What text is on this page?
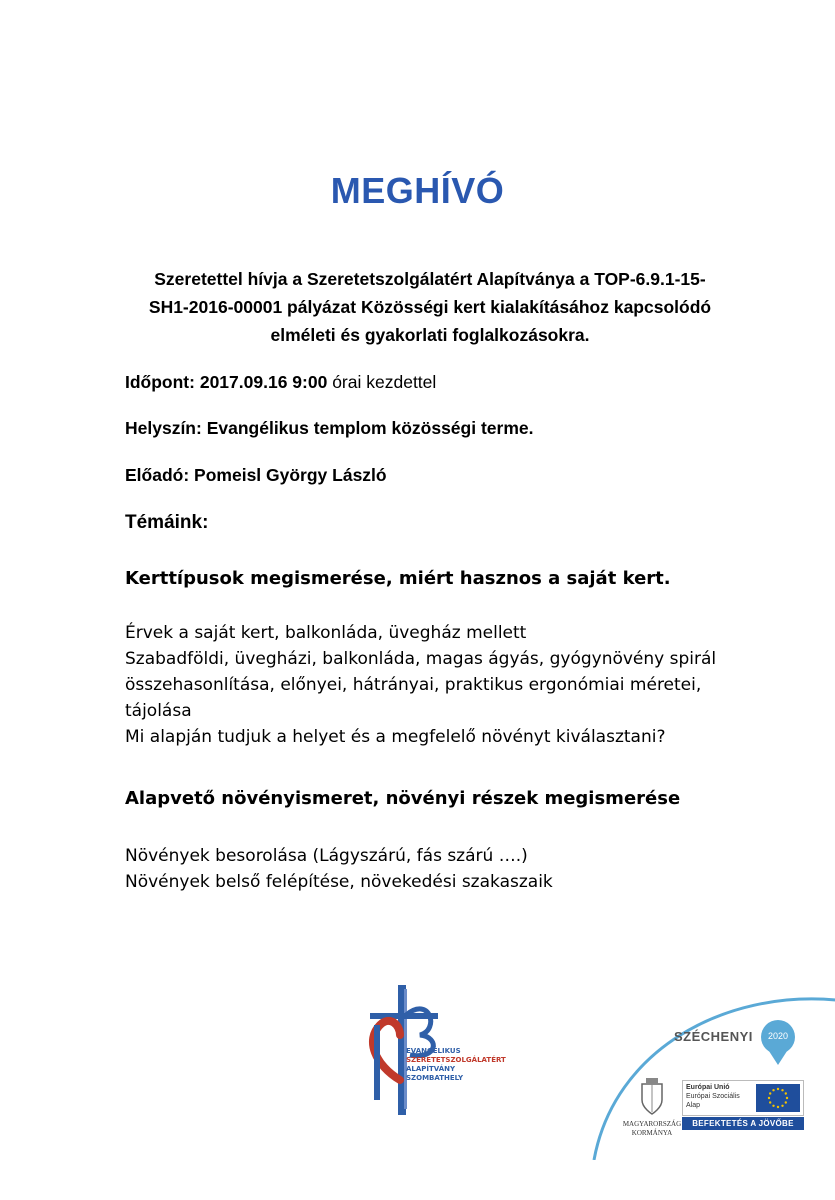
MEGHÍVÓ
Szeretettel hívja a Szeretetszolgálatért Alapítványa a TOP-6.9.1-15-
SH1-2016-00001 pályázat Közösségi kert kialakításához kapcsolódó
elméleti és gyakorlati foglalkozásokra.
Időpont: 2017.09.16 9:00 órai kezdettel
Helyszín: Evangélikus templom közösségi terme.
Előadó: Pomeisl György László
Témáink:
Kerttípusok megismerése, miért hasznos a saját kert.
Érvek a saját kert, balkonláda, üvegház mellett
Szabadföldi, üvegházi, balkonláda, magas ágyás, gyógynövény spirál
összehasonlítása, előnyei, hátrányai, praktikus ergonómiai méretei,
tájolása
Mi alapján tudjuk a helyet és a megfelelő növényt kiválasztani?
Alapvető növényismeret, növényi részek megismerése
Növények besorolása (Lágyszárú, fás szárú ….)
Növények belső felépítése, növekedési szakaszaik
EVANGÉLIKUS
SZERETETSZOLGÁLATÉRT
ALAPÍTVÁNY
SZOMBATHELY
SZÉCHENYI	2020
MAGYARORSZÁG
KORMÁNYA
Európai Unió
Európai Szociális
Alap
BEFEKTETÉS A JÖVŐBE
